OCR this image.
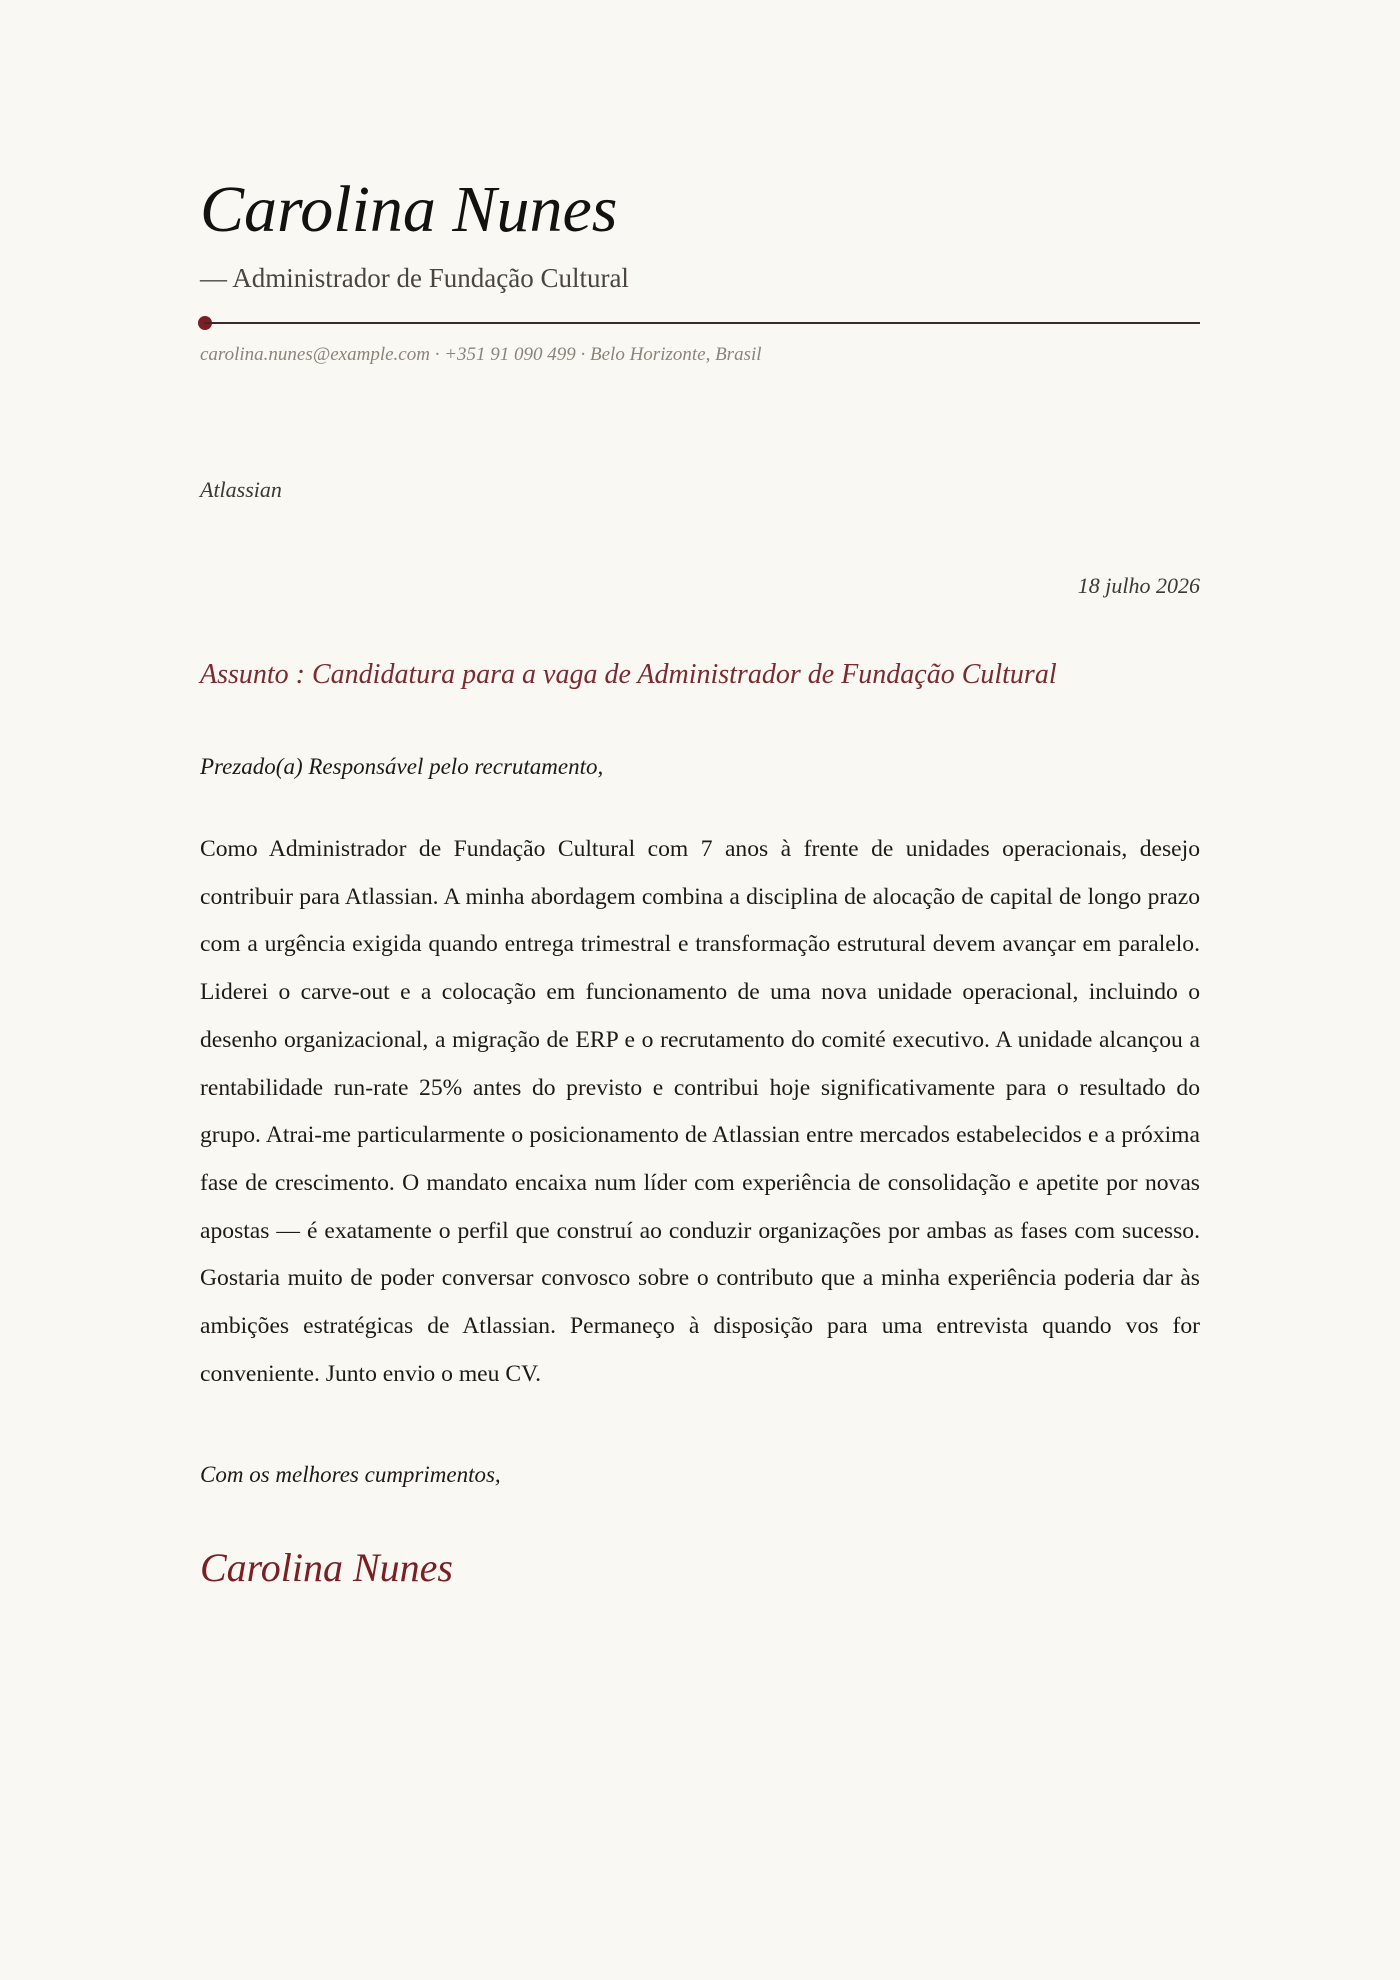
Carolina Nunes
— Administrador de Fundação Cultural
carolina.nunes@example.com · +351 91 090 499 · Belo Horizonte, Brasil
Atlassian
18 julho 2026
Assunto : Candidatura para a vaga de Administrador de Fundação Cultural
Prezado(a) Responsável pelo recrutamento,

Como Administrador de Fundação Cultural com 7 anos à frente de unidades operacionais, desejo contribuir para Atlassian. A minha abordagem combina a disciplina de alocação de capital de longo prazo com a urgência exigida quando entrega trimestral e transformação estrutural devem avançar em paralelo. Liderei o carve-out e a colocação em funcionamento de uma nova unidade operacional, incluindo o desenho organizacional, a migração de ERP e o recrutamento do comité executivo. A unidade alcançou a rentabilidade run-rate 25% antes do previsto e contribui hoje significativamente para o resultado do grupo. Atrai-me particularmente o posicionamento de Atlassian entre mercados estabelecidos e a próxima fase de crescimento. O mandato encaixa num líder com experiência de consolidação e apetite por novas apostas — é exatamente o perfil que construí ao conduzir organizações por ambas as fases com sucesso. Gostaria muito de poder conversar convosco sobre o contributo que a minha experiência poderia dar às ambições estratégicas de Atlassian. Permaneço à disposição para uma entrevista quando vos for conveniente. Junto envio o meu CV.

Com os melhores cumprimentos,
Carolina Nunes
